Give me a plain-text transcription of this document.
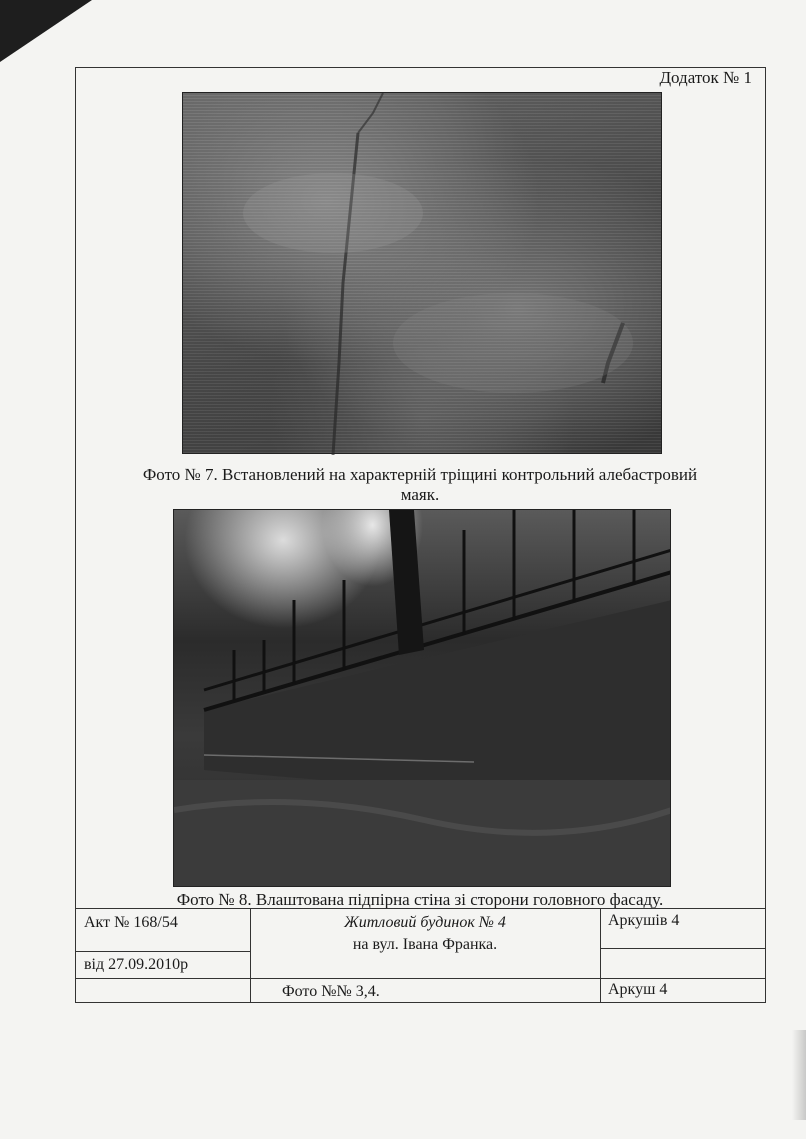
Додаток № 1
Фото № 7. Встановлений на характерній тріщині контрольний алебастровий
маяк.
Фото № 8. Влаштована підпірна стіна зі сторони головного фасаду.
Акт № 168/54
від 27.09.2010р
Житловий будинок № 4
на вул. Івана Франка.
Аркушів 4
Фото №№ 3,4.	Аркуш 4
